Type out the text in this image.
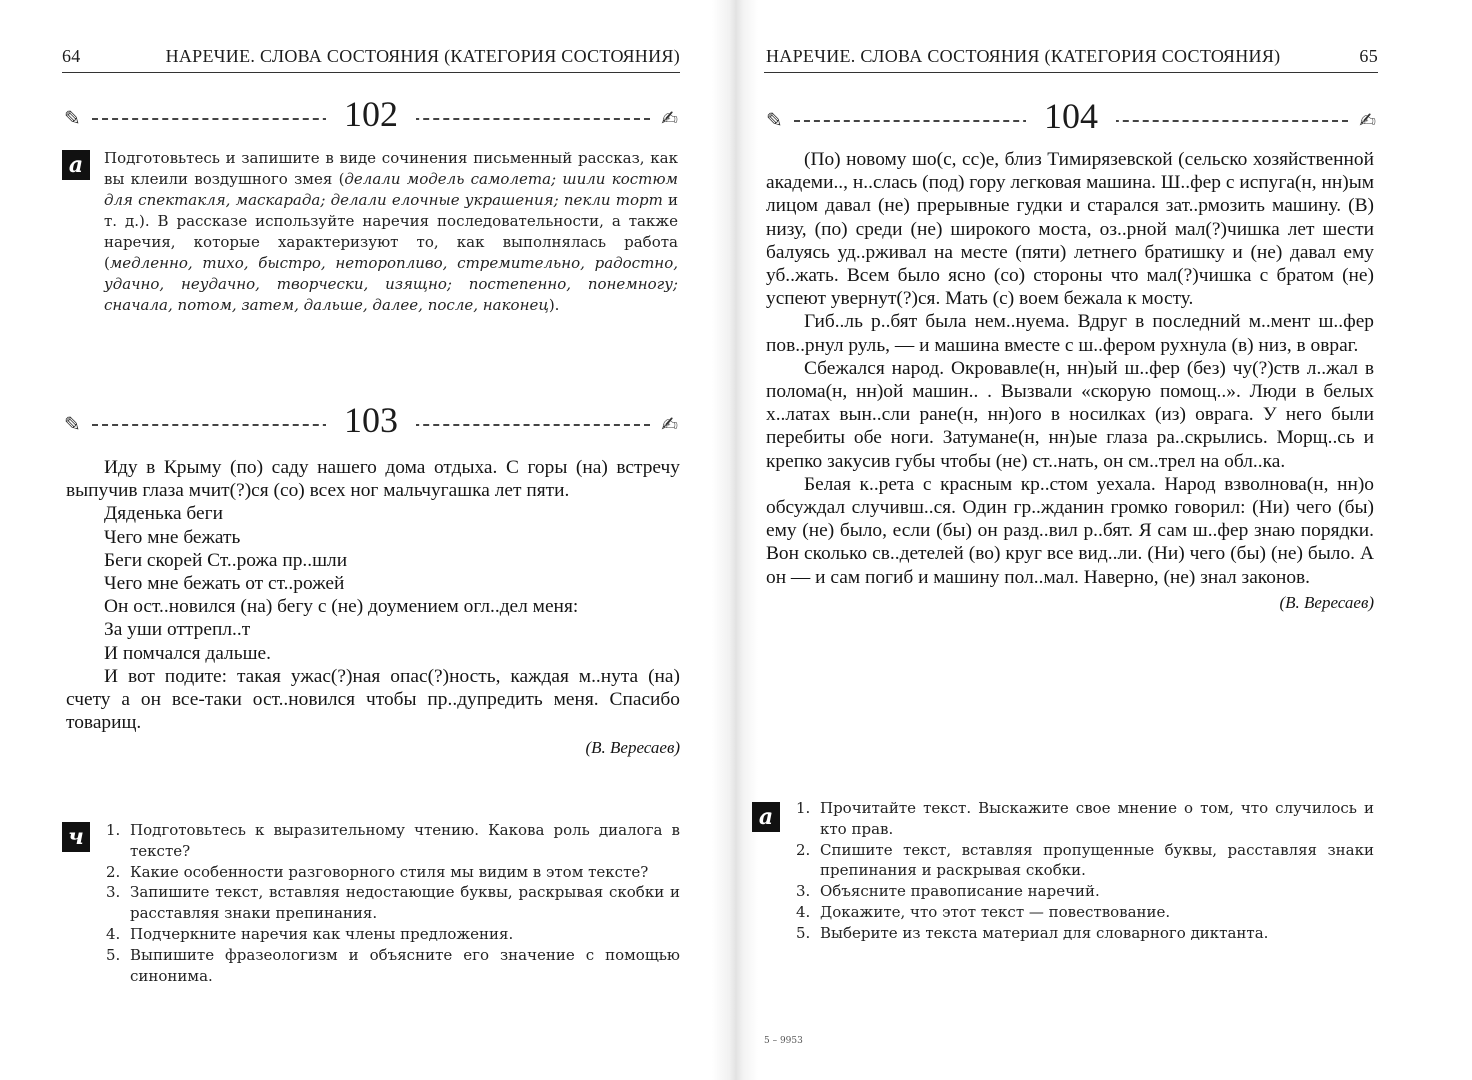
64	НАРЕЧИЕ. СЛОВА СОСТОЯНИЯ (КАТЕГОРИЯ СОСТОЯНИЯ)
✎	✍
102
a	Подготовьтесь и запишите в виде сочинения письменный рассказ, как вы клеили воздушного змея (делали модель самолета; шили костюм для спектакля, маскарада; делали елочные украшения; пекли торт и т. д.). В рассказе используйте наречия последовательности, а также наречия, которые характеризуют то, как выполнялась работа (медленно, тихо, быстро, неторопливо, стремительно, радостно, удачно, неудачно, творчески, изящно; постепенно, понемногу; сначала, потом, затем, дальше, далее, после, наконец).
✎	✍
103

Иду в Крыму (по) саду нашего дома отдыха. С горы (на) встречу выпучив глаза мчит(?)ся (со) всех ног мальчугашка лет пяти.

Дяденька беги

Чего мне бежать

Беги скорей Ст..рожа пр..шли

Чего мне бежать от ст..рожей

Он ост..новился (на) бегу с (не) доумением огл..дел меня:

За уши оттрепл..т

И помчался дальше.

И вот подите: такая ужас(?)ная опас(?)ность, каждая м..нута (на) счету а он все-таки ост..новился чтобы пр..дупредить меня. Спасибо товарищ.

(В. Вересаев)
ч	1. Подготовьтесь к выразительному чтению. Какова роль диалога в тексте?
2. Какие особенности разговорного стиля мы видим в этом тексте?
3. Запишите текст, вставляя недостающие буквы, раскрывая скобки и расставляя знаки препинания.
4. Подчеркните наречия как члены предложения.
5. Выпишите фразеологизм и объясните его значение с помощью синонима.
НАРЕЧИЕ. СЛОВА СОСТОЯНИЯ (КАТЕГОРИЯ СОСТОЯНИЯ)	65
✎	✍
104

(По) новому шо(с, сс)е, близ Тимирязевской (сельско хозяйственной академи.., н..слась (под) гору легковая машина. Ш..фер с испуга(н, нн)ым лицом давал (не) прерывные гудки и старался зат..рмозить машину. (В) низу, (по) среди (не) широкого моста, оз..рной мал(?)чишка лет шести балуясь уд..рживал на месте (пяти) летнего братишку и (не) давал ему уб..жать. Всем было ясно (со) стороны что мал(?)чишка с братом (не) успеют увернут(?)ся. Мать (с) воем бежала к мосту.

Гиб..ль р..бят была нем..нуема. Вдруг в последний м..мент ш..фер пов..рнул руль, — и машина вместе с ш..фером рухнула (в) низ, в овраг.

Сбежался народ. Окровавле(н, нн)ый ш..фер (без) чу(?)ств л..жал в полома(н, нн)ой машин.. . Вызвали «скорую помощ..». Люди в белых х..латах вын..сли ране(н, нн)ого в носилках (из) оврага. У него были перебиты обе ноги. Затумане(н, нн)ые глаза ра..скрылись. Морщ..сь и крепко закусив губы чтобы (не) ст..нать, он см..трел на обл..ка.

Белая к..рета с красным кр..стом уехала. Народ взволнова(н, нн)о обсуждал случивш..ся. Один гр..жданин громко говорил: (Ни) чего (бы) ему (не) было, если (бы) он разд..вил р..бят. Я сам ш..фер знаю порядки. Вон сколько св..детелей (во) круг все вид..ли. (Ни) чего (бы) (не) было. А он — и сам погиб и машину пол..мал. Наверно, (не) знал законов.

(В. Вересаев)
a	1. Прочитайте текст. Выскажите свое мнение о том, что случилось и кто прав.
2. Спишите текст, вставляя пропущенные буквы, расставляя знаки препинания и раскрывая скобки.
3. Объясните правописание наречий.
4. Докажите, что этот текст — повествование.
5. Выберите из текста материал для словарного диктанта.
5 – 9953
